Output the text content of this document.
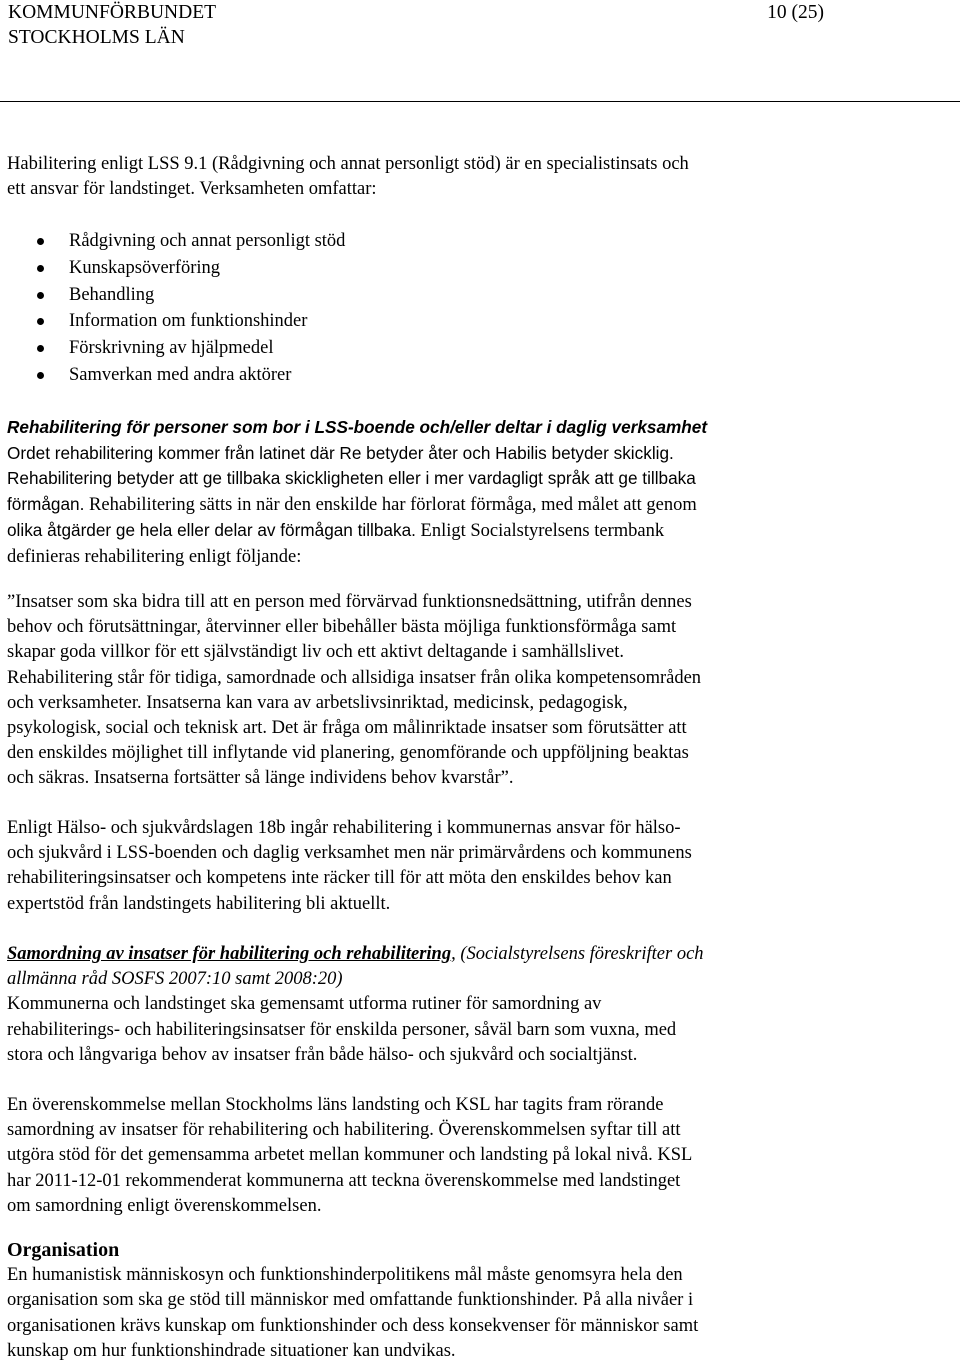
KOMMUNFÖRBUNDET
STOCKHOLMS LÄN
10 (25)

Habilitering enligt LSS 9.1 (Rådgivning och annat personligt stöd) är en specialistinsats och

ett ansvar för landstinget. Verksamheten omfattar:

Rådgivning och annat personligt stöd
Kunskapsöverföring
Behandling
Information om funktionshinder
Förskrivning av hjälpmedel
Samverkan med andra aktörer

Rehabilitering för personer som bor i LSS-boende och/eller deltar i daglig verksamhet

Ordet rehabilitering kommer från latinet där Re betyder åter och Habilis betyder skicklig.

Rehabilitering betyder att ge tillbaka skickligheten eller i mer vardagligt språk att ge tillbaka

förmågan. Rehabilitering sätts in när den enskilde har förlorat förmåga, med målet att genom

olika åtgärder ge hela eller delar av förmågan tillbaka. Enligt Socialstyrelsens termbank

definieras rehabilitering enligt följande:

”Insatser som ska bidra till att en person med förvärvad funktionsnedsättning, utifrån dennes

behov och förutsättningar, återvinner eller bibehåller bästa möjliga funktionsförmåga samt

skapar goda villkor för ett självständigt liv och ett aktivt deltagande i samhällslivet.

Rehabilitering står för tidiga, samordnade och allsidiga insatser från olika kompetensområden

och verksamheter. Insatserna kan vara av arbetslivsinriktad, medicinsk, pedagogisk,

psykologisk, social och teknisk art. Det är fråga om målinriktade insatser som förutsätter att

den enskildes möjlighet till inflytande vid planering, genomförande och uppföljning beaktas

och säkras. Insatserna fortsätter så länge individens behov kvarstår”.

Enligt Hälso- och sjukvårdslagen 18b ingår rehabilitering i kommunernas ansvar för hälso-

och sjukvård i LSS-boenden och daglig verksamhet men när primärvårdens och kommunens

rehabiliteringsinsatser och kompetens inte räcker till för att möta den enskildes behov kan

expertstöd från landstingets habilitering bli aktuellt.

Samordning av insatser för habilitering och rehabilitering, (Socialstyrelsens föreskrifter och

allmänna råd SOSFS 2007:10 samt 2008:20)

Kommunerna och landstinget ska gemensamt utforma rutiner för samordning av

rehabiliterings- och habiliteringsinsatser för enskilda personer, såväl barn som vuxna, med

stora och långvariga behov av insatser från både hälso- och sjukvård och socialtjänst.

En överenskommelse mellan Stockholms läns landsting och KSL har tagits fram rörande

samordning av insatser för rehabilitering och habilitering. Överenskommelsen syftar till att

utgöra stöd för det gemensamma arbetet mellan kommuner och landsting på lokal nivå. KSL

har 2011-12-01 rekommenderat kommunerna att teckna överenskommelse med landstinget

om samordning enligt överenskommelsen.

Organisation

En humanistisk människosyn och funktionshinderpolitikens mål måste genomsyra hela den

organisation som ska ge stöd till människor med omfattande funktionshinder. På alla nivåer i

organisationen krävs kunskap om funktionshinder och dess konsekvenser för människor samt

kunskap om hur funktionshindrade situationer kan undvikas.
